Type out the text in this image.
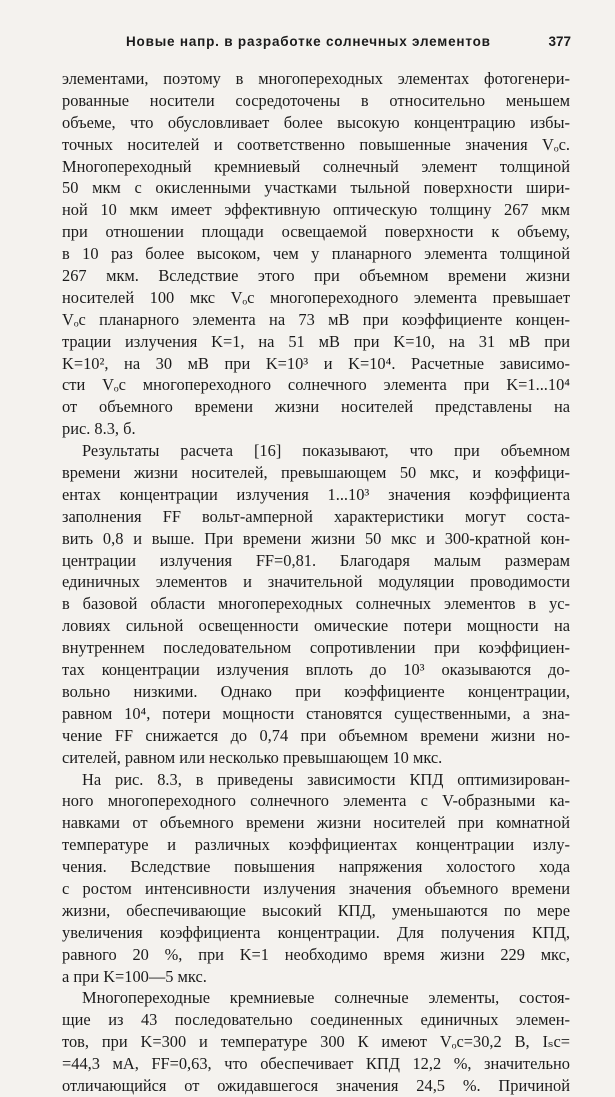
Новые напр. в разработке солнечных элементов	377
элементами, поэтому в многопереходных элементах фотогенери-
рованные носители сосредоточены в относительно меньшем
объеме, что обусловливает более высокую концентрацию избы-
точных носителей и соответственно повышенные значения Vₒc.
Многопереходный кремниевый солнечный элемент толщиной
50 мкм с окисленными участками тыльной поверхности шири-
ной 10 мкм имеет эффективную оптическую толщину 267 мкм
при отношении площади освещаемой поверхности к объему,
в 10 раз более высоком, чем у планарного элемента толщиной
267 мкм. Вследствие этого при объемном времени жизни
носителей 100 мкс Vₒc многопереходного элемента превышает
Vₒc планарного элемента на 73 мВ при коэффициенте концен-
трации излучения K=1, на 51 мВ при K=10, на 31 мВ при
K=10², на 30 мВ при K=10³ и K=10⁴. Расчетные зависимо-
сти Vₒc многопереходного солнечного элемента при K=1...10⁴
от объемного времени жизни носителей представлены на
рис. 8.3, б.
Результаты расчета [16] показывают, что при объемном
времени жизни носителей, превышающем 50 мкс, и коэффици-
ентах концентрации излучения 1...10³ значения коэффициента
заполнения FF вольт-амперной характеристики могут соста-
вить 0,8 и выше. При времени жизни 50 мкс и 300-кратной кон-
центрации излучения FF=0,81. Благодаря малым размерам
единичных элементов и значительной модуляции проводимости
в базовой области многопереходных солнечных элементов в ус-
ловиях сильной освещенности омические потери мощности на
внутреннем последовательном сопротивлении при коэффициен-
тах концентрации излучения вплоть до 10³ оказываются до-
вольно низкими. Однако при коэффициенте концентрации,
равном 10⁴, потери мощности становятся существенными, а зна-
чение FF снижается до 0,74 при объемном времени жизни но-
сителей, равном или несколько превышающем 10 мкс.
На рис. 8.3, в приведены зависимости КПД оптимизирован-
ного многопереходного солнечного элемента с V-образными ка-
навками от объемного времени жизни носителей при комнатной
температуре и различных коэффициентах концентрации излу-
чения. Вследствие повышения напряжения холостого хода
с ростом интенсивности излучения значения объемного времени
жизни, обеспечивающие высокий КПД, уменьшаются по мере
увеличения коэффициента концентрации. Для получения КПД,
равного 20 %, при K=1 необходимо время жизни 229 мкс,
а при K=100—5 мкс.
Многопереходные кремниевые солнечные элементы, состоя-
щие из 43 последовательно соединенных единичных элемен-
тов, при K=300 и температуре 300 К имеют Vₒc=30,2 В, Iₛc=
=44,3 мА, FF=0,63, что обеспечивает КПД 12,2 %, значительно
отличающийся от ожидавшегося значения 24,5 %. Причиной
